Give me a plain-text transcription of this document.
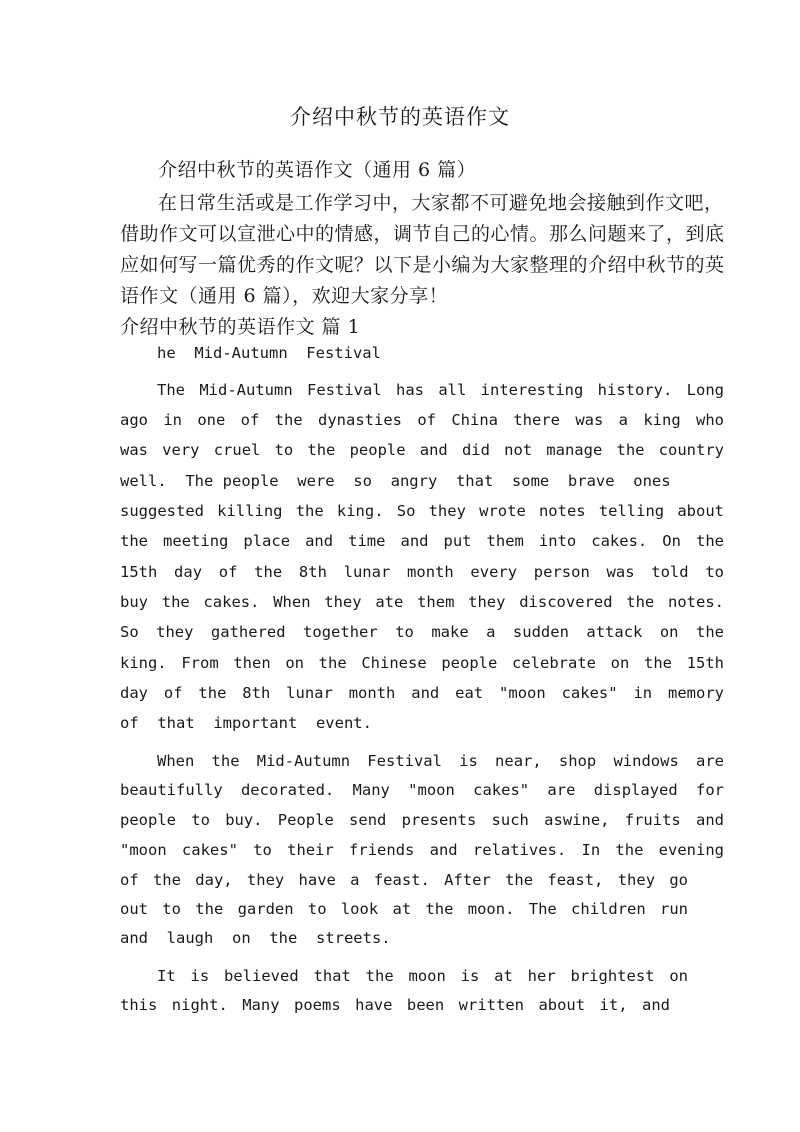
介绍中秋节的英语作文
介绍中秋节的英语作文（通用 6 篇）
在日常生活或是工作学习中，大家都不可避免地会接触到作文吧，
借助作文可以宣泄心中的情感，调节自己的心情。那么问题来了，到底
应如何写一篇优秀的作文呢？以下是小编为大家整理的介绍中秋节的英
语作文（通用 6 篇），欢迎大家分享！
介绍中秋节的英语作文 篇 1
he  Mid-Autumn  Festival
The Mid-Autumn Festival has all interesting history. Long
ago in one of the dynasties of China there was a king who
was very cruel to the people and did not manage the country
well.  The people  were  so  angry  that  some  brave  ones
suggested killing the king. So they wrote notes telling about
the meeting place and time and put them into cakes. On the
15th day of the 8th lunar month every person was told to
buy the cakes. When they ate them they discovered the notes.
So they gathered together to make a sudden attack on the
king. From then on the Chinese people celebrate on the 15th
day of the 8th lunar month and eat "moon cakes" in memory
of  that  important  event.
When the Mid-Autumn Festival is near, shop windows are
beautifully decorated. Many "moon cakes" are displayed for
people to buy. People send presents such aswine, fruits and
"moon cakes" to their friends and relatives. In the evening
of the day, they have a feast. After the feast, they go
out to the garden to look at the moon. The children run
and  laugh  on  the  streets.
It is believed that the moon is at her brightest on
this night. Many poems have been written about it, and
